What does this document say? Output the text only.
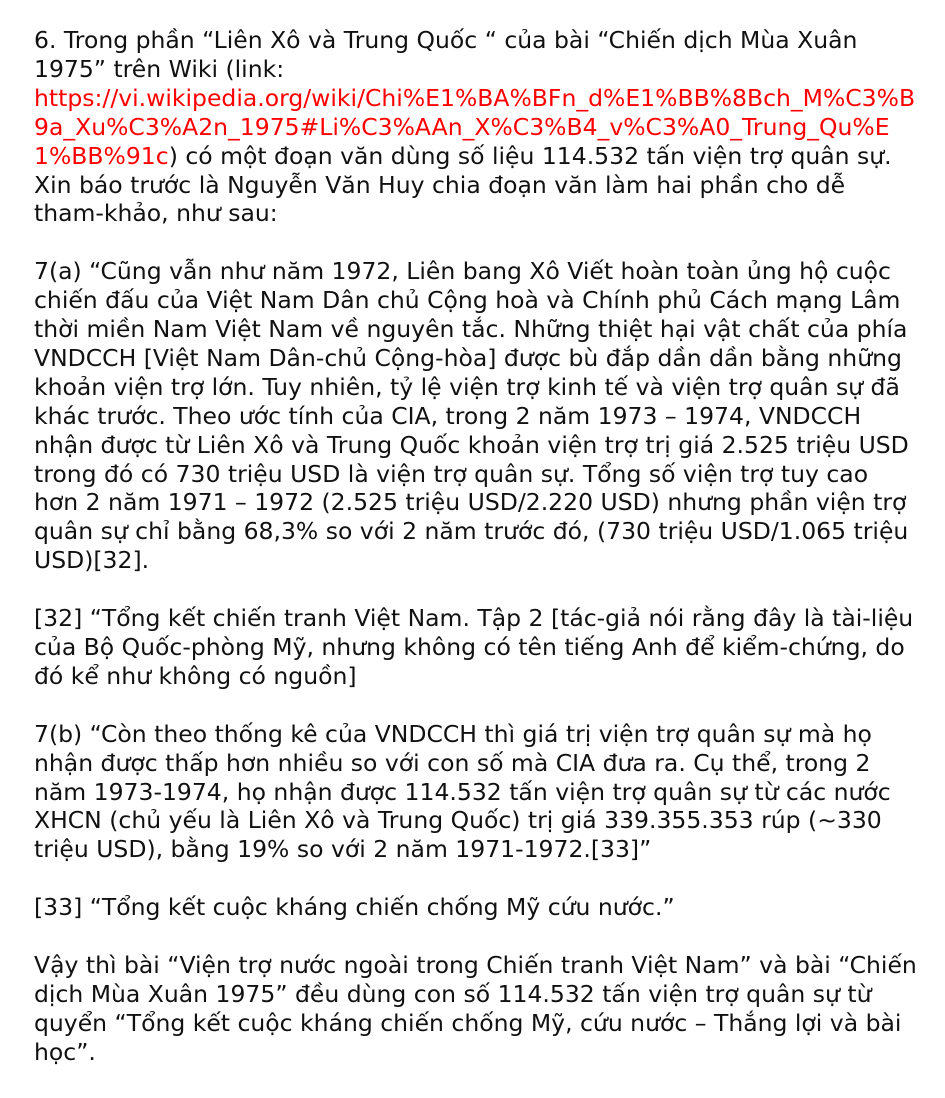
6. Trong phần “Liên Xô và Trung Quốc “ của bài “Chiến dịch Mùa Xuân 1975” trên Wiki (link:
https://vi.wikipedia.org/wiki/Chi%E1%BA%BFn_d%E1%BB%8Bch_M%C3%B9a_Xu%C3%A2n_1975#Li%C3%AAn_X%C3%B4_v%C3%A0_Trung_Qu%E1%BB%91c) có một đoạn văn dùng số liệu 114.532 tấn viện trợ quân sự. Xin báo trước là Nguyễn Văn Huy chia đoạn văn làm hai phần cho dễ tham-khảo, như sau:

7(a) “Cũng vẫn như năm 1972, Liên bang Xô Viết hoàn toàn ủng hộ cuộc chiến đấu của Việt Nam Dân chủ Cộng hoà và Chính phủ Cách mạng Lâm thời miền Nam Việt Nam về nguyên tắc. Những thiệt hại vật chất của phía VNDCCH [Việt Nam Dân-chủ Cộng-hòa] được bù đắp dần dần bằng những khoản viện trợ lớn. Tuy nhiên, tỷ lệ viện trợ kinh tế và viện trợ quân sự đã khác trước. Theo ước tính của CIA, trong 2 năm 1973 – 1974, VNDCCH nhận được từ Liên Xô và Trung Quốc khoản viện trợ trị giá 2.525 triệu USD trong đó có 730 triệu USD là viện trợ quân sự. Tổng số viện trợ tuy cao hơn 2 năm 1971 – 1972 (2.525 triệu USD/2.220 USD) nhưng phần viện trợ quân sự chỉ bằng 68,3% so với 2 năm trước đó, (730 triệu USD/1.065 triệu USD)[32].

[32] “Tổng kết chiến tranh Việt Nam. Tập 2 [tác-giả nói rằng đây là tài-liệu của Bộ Quốc-phòng Mỹ, nhưng không có tên tiếng Anh để kiểm-chứng, do đó kể như không có nguồn]

7(b) “Còn theo thống kê của VNDCCH thì giá trị viện trợ quân sự mà họ nhận được thấp hơn nhiều so với con số mà CIA đưa ra. Cụ thể, trong 2 năm 1973-1974, họ nhận được 114.532 tấn viện trợ quân sự từ các nước XHCN (chủ yếu là Liên Xô và Trung Quốc) trị giá 339.355.353 rúp (~330 triệu USD), bằng 19% so với 2 năm 1971-1972.[33]”

[33] “Tổng kết cuộc kháng chiến chống Mỹ cứu nước.”

Vậy thì bài “Viện trợ nước ngoài trong Chiến tranh Việt Nam” và bài “Chiến dịch Mùa Xuân 1975” đều dùng con số 114.532 tấn viện trợ quân sự từ quyển “Tổng kết cuộc kháng chiến chống Mỹ, cứu nước – Thắng lợi và bài học”.
